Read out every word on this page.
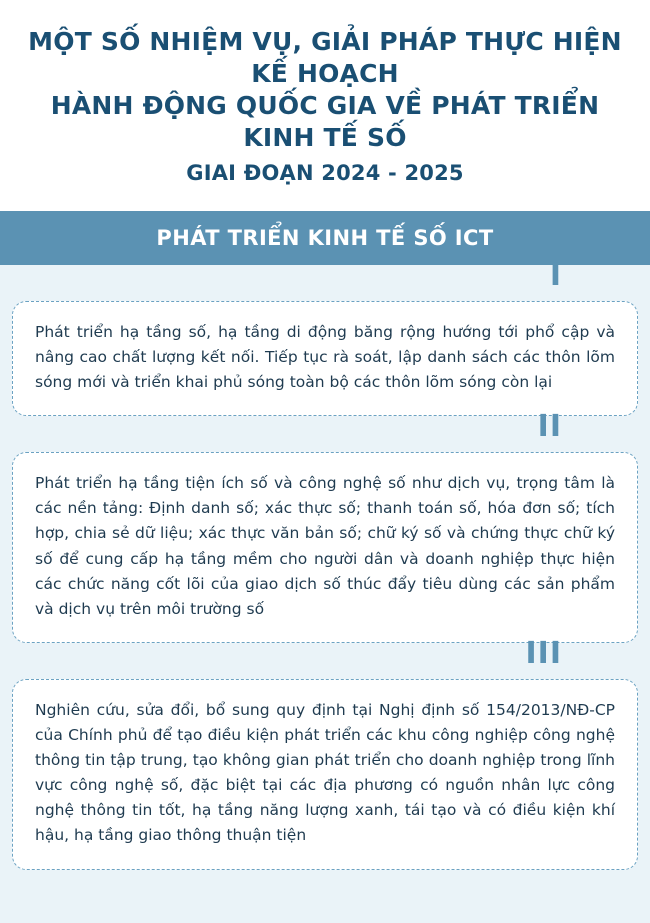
MỘT SỐ NHIỆM VỤ, GIẢI PHÁP THỰC HIỆN KẾ HOẠCH
HÀNH ĐỘNG QUỐC GIA VỀ PHÁT TRIỂN KINH TẾ SỐ
GIAI ĐOẠN 2024 - 2025
PHÁT TRIỂN KINH TẾ SỐ ICT
I

Phát triển hạ tầng số, hạ tầng di động băng rộng hướng tới phổ cập và nâng cao chất lượng kết nối. Tiếp tục rà soát, lập danh sách các thôn lõm sóng mới và triển khai phủ sóng toàn bộ các thôn lõm sóng còn lại

II

Phát triển hạ tầng tiện ích số và công nghệ số như dịch vụ, trọng tâm là các nền tảng: Định danh số; xác thực số; thanh toán số, hóa đơn số; tích hợp, chia sẻ dữ liệu; xác thực văn bản số; chữ ký số và chứng thực chữ ký số để cung cấp hạ tầng mềm cho người dân và doanh nghiệp thực hiện các chức năng cốt lõi của giao dịch số thúc đẩy tiêu dùng các sản phẩm và dịch vụ trên môi trường số

III

Nghiên cứu, sửa đổi, bổ sung quy định tại Nghị định số 154/2013/NĐ-CP của Chính phủ để tạo điều kiện phát triển các khu công nghiệp công nghệ thông tin tập trung, tạo không gian phát triển cho doanh nghiệp trong lĩnh vực công nghệ số, đặc biệt tại các địa phương có nguồn nhân lực công nghệ thông tin tốt, hạ tầng năng lượng xanh, tái tạo và có điều kiện khí hậu, hạ tầng giao thông thuận tiện
